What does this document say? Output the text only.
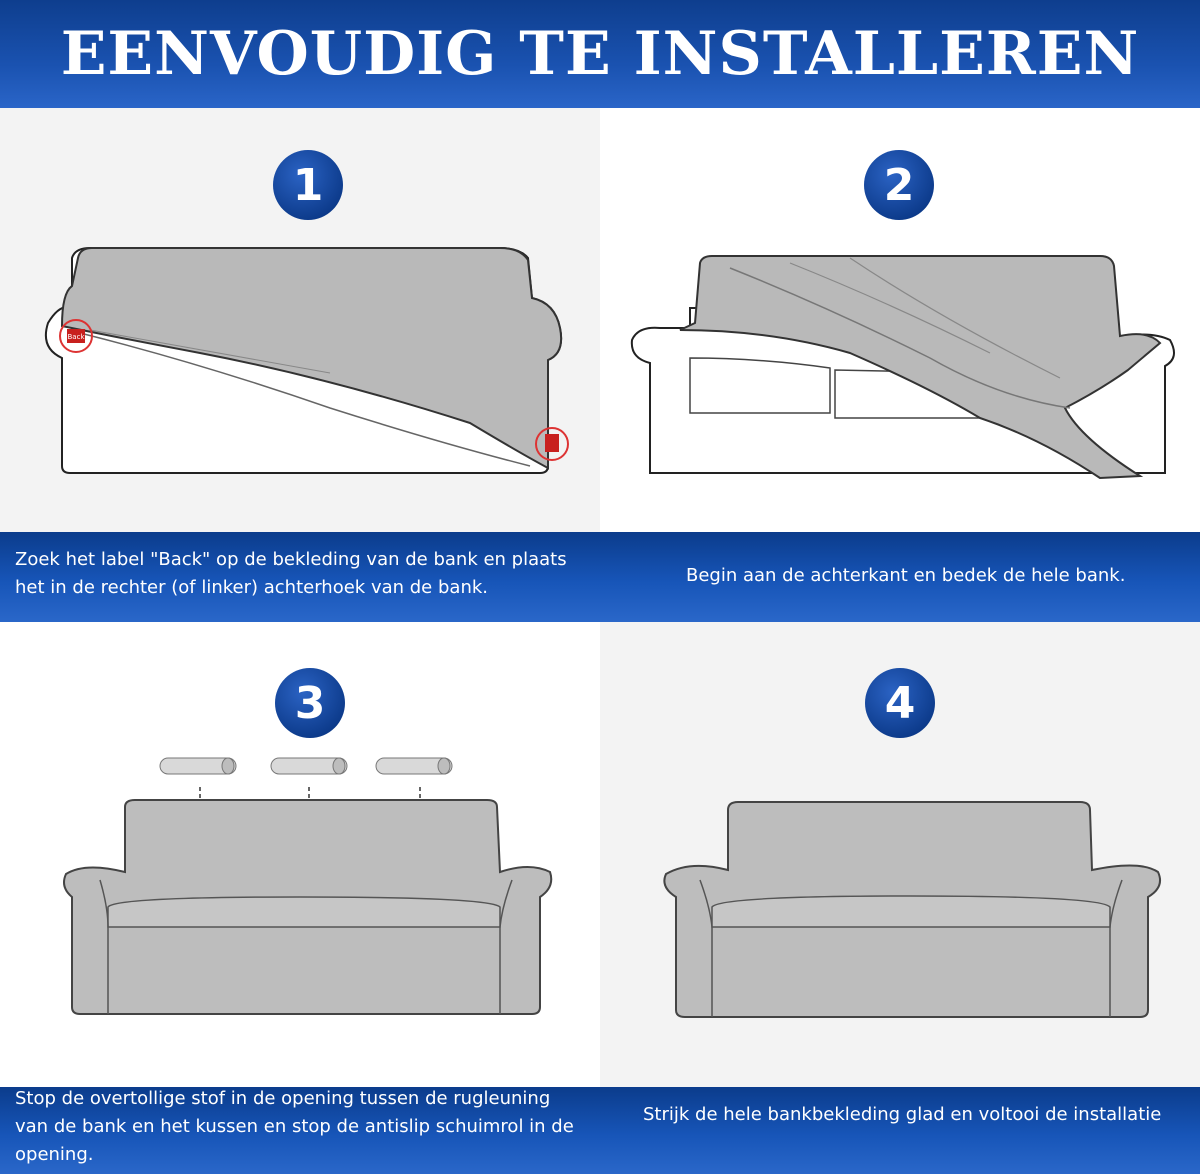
EENVOUDIG TE INSTALLEREN
1
Back
2
Zoek het label "Back" op de bekleding van de bank en plaats het in de rechter (of linker) achterhoek van de bank.
Begin aan de achterkant en bedek de hele bank.
3	4
Stop de overtollige stof in de opening tussen de rugleuning van de bank en het kussen en stop de antislip schuimrol in de opening.
Strijk de hele bankbekleding glad en voltooi de installatie
